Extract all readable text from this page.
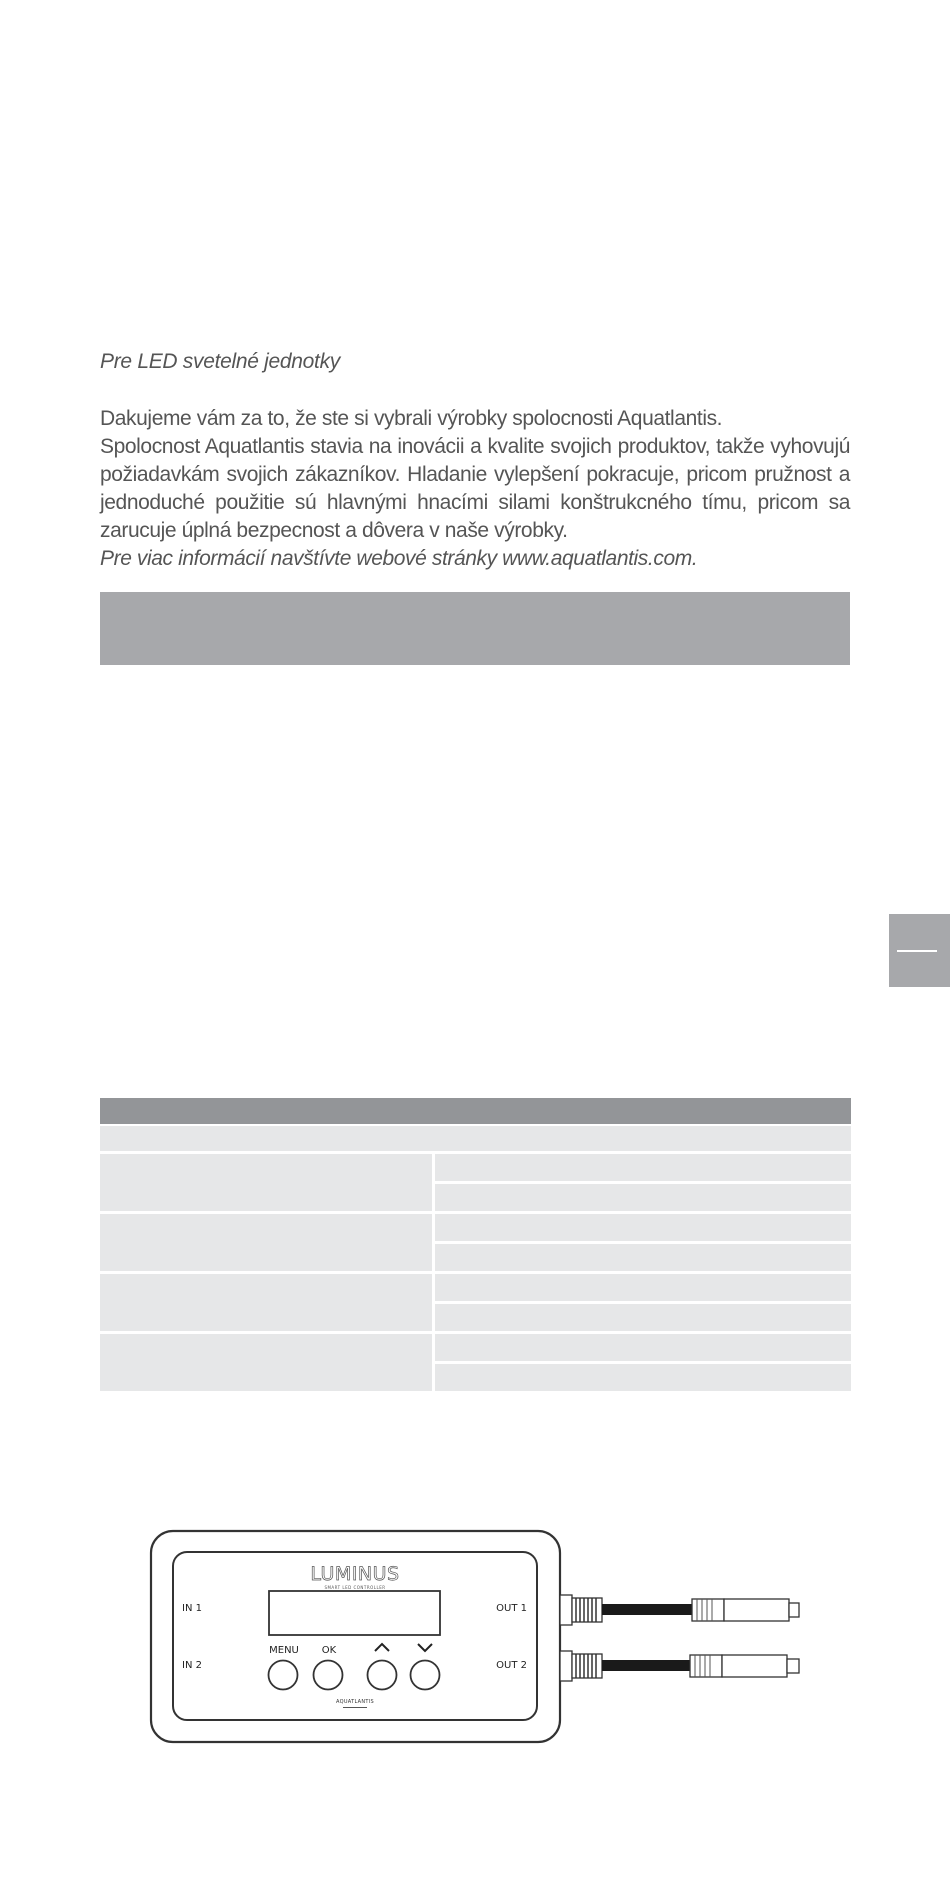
Pre LED svetelné jednotky

Dakujeme vám za to, že ste si vybrali výrobky spolocnosti Aquatlantis.

Spolocnost Aquatlantis stavia na inovácii a kvalite svojich produktov, takže vyhovujú požiadavkám svojich zákazníkov. Hladanie vylepšení pokracuje, pricom pružnost a jednoduché použitie sú hlavnými hnacími silami konštrukcného tímu, pricom sa zarucuje úplná bezpecnost a dôvera v naše výrobky.

Pre viac informácií navštívte webové stránky www.aquatlantis.com.

LUMINUS
SMART LED CONTROLLER
IN 1
IN 2
OUT 1
OUT 2
MENU OK
AQUATLANTIS
